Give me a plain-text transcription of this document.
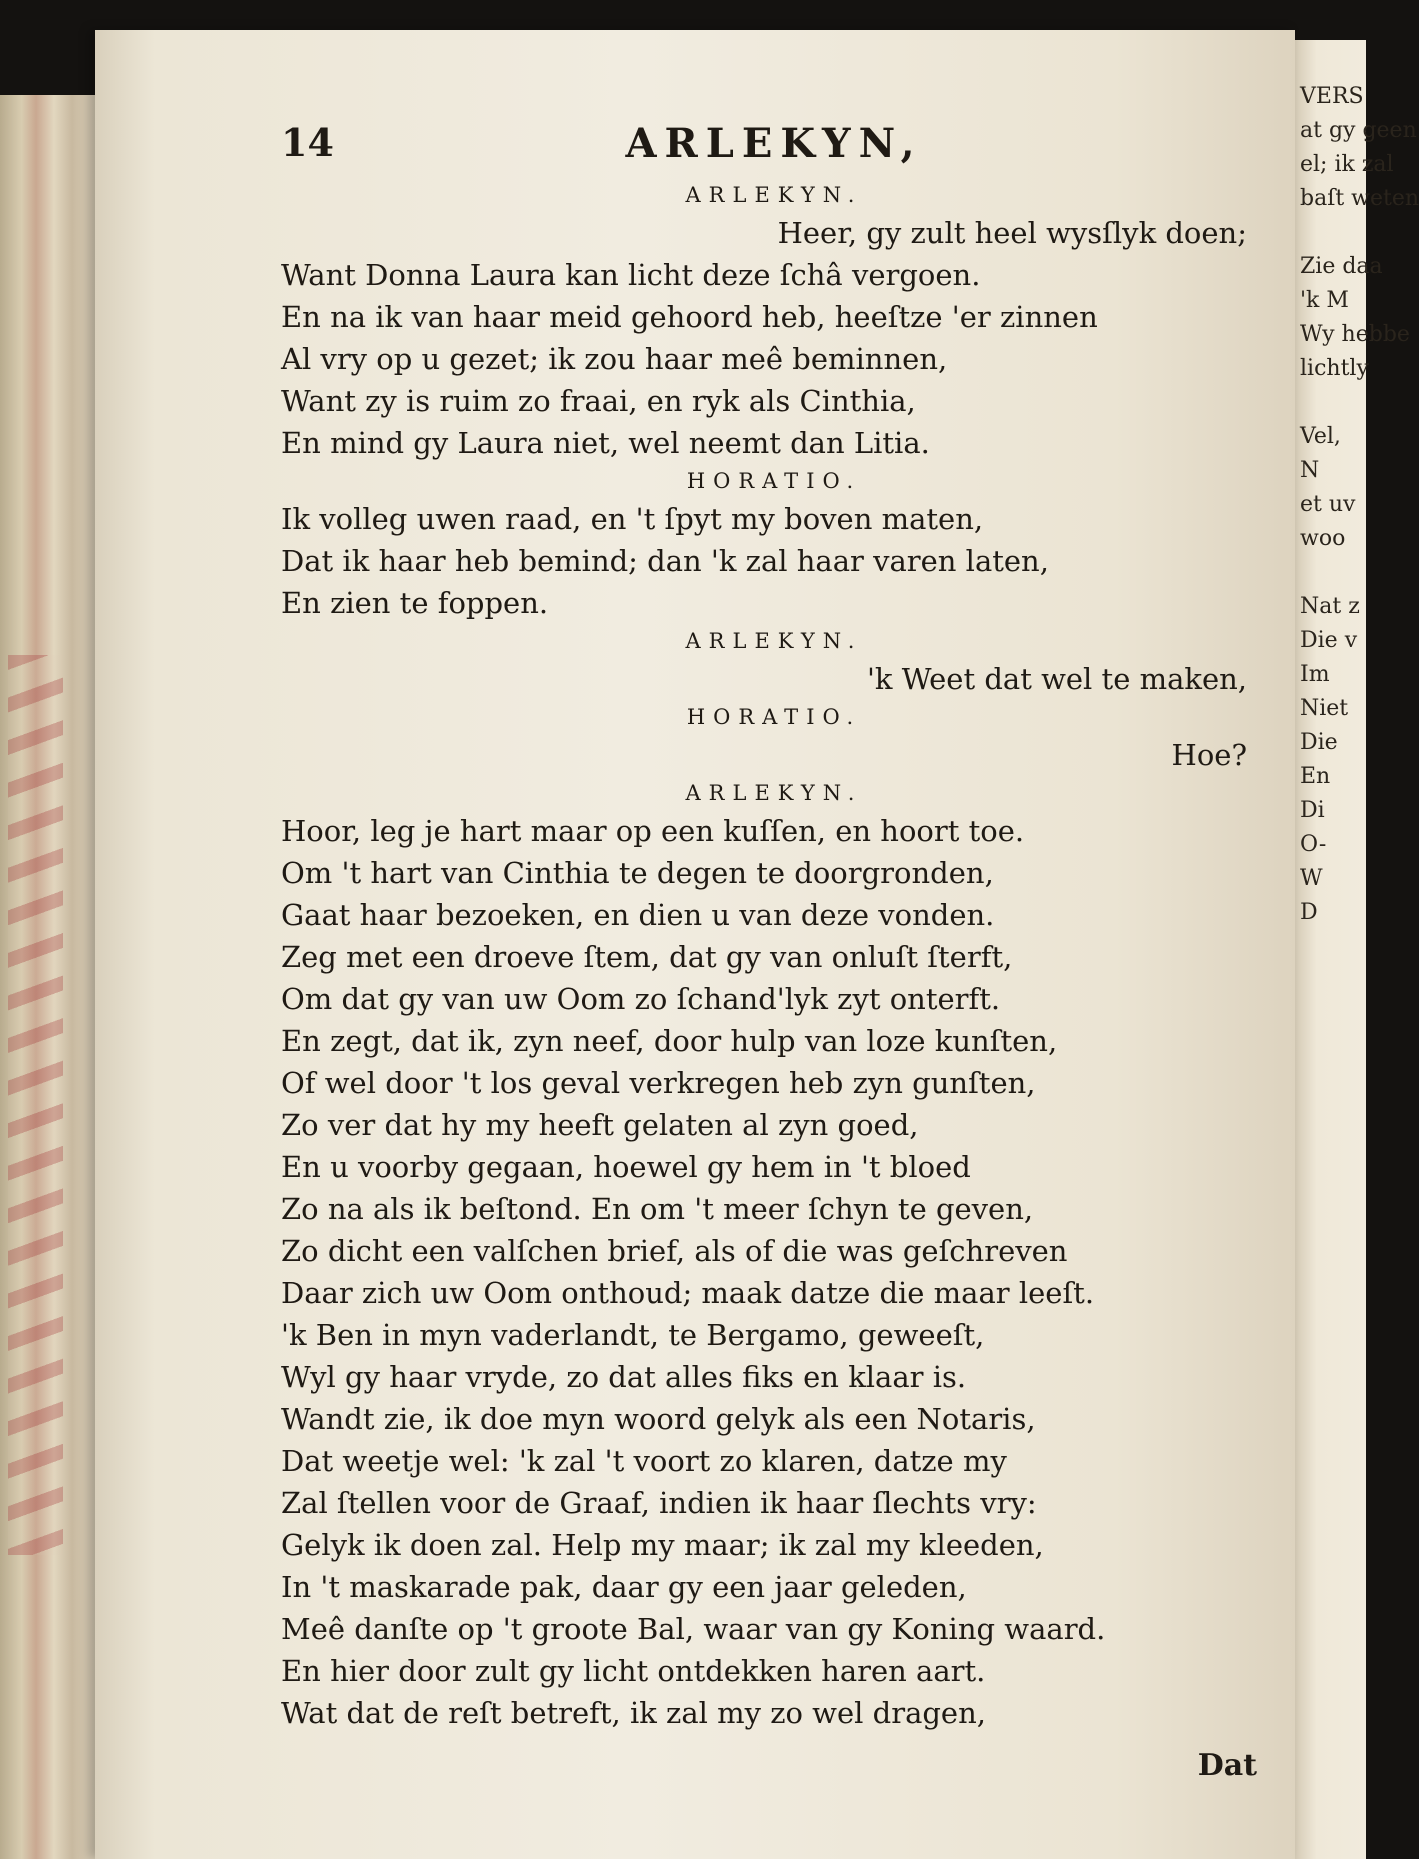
VERS
at gy geen
el; ik zal
baſt weten

Zie daa
'k M
Wy hebbe
lichtly

Vel,
N
et uv
woo

Nat z
Die v
Im
Niet
Die
En
Di
O-
W
D
14	ARLEKYN,
ARLEKYN.
Heer, gy zult heel wysſlyk doen;
Want Donna Laura kan licht deze ſchâ vergoen.
En na ik van haar meid gehoord heb, heeſtze 'er zinnen
Al vry op u gezet; ik zou haar meê beminnen,
Want zy is ruim zo fraai, en ryk als Cinthia,
En mind gy Laura niet, wel neemt dan Litia.
HORATIO.
Ik volleg uwen raad, en 't ſpyt my boven maten,
Dat ik haar heb bemind; dan 'k zal haar varen laten,
En zien te foppen.
ARLEKYN.
'k Weet dat wel te maken,
HORATIO.
Hoe?
ARLEKYN.
Hoor, leg je hart maar op een kuſſen, en hoort toe.
Om 't hart van Cinthia te degen te doorgronden,
Gaat haar bezoeken, en dien u van deze vonden.
Zeg met een droeve ſtem, dat gy van onluſt ſterft,
Om dat gy van uw Oom zo ſchand'lyk zyt onterft.
En zegt, dat ik, zyn neef, door hulp van loze kunſten,
Of wel door 't los geval verkregen heb zyn gunſten,
Zo ver dat hy my heeft gelaten al zyn goed,
En u voorby gegaan, hoewel gy hem in 't bloed
Zo na als ik beſtond. En om 't meer ſchyn te geven,
Zo dicht een valſchen brief, als of die was geſchreven
Daar zich uw Oom onthoud; maak datze die maar leeſt.
'k Ben in myn vaderlandt, te Bergamo, geweeſt,
Wyl gy haar vryde, zo dat alles fiks en klaar is.
Wandt zie, ik doe myn woord gelyk als een Notaris,
Dat weetje wel: 'k zal 't voort zo klaren, datze my
Zal ſtellen voor de Graaf, indien ik haar ſlechts vry:
Gelyk ik doen zal. Help my maar; ik zal my kleeden,
In 't maskarade pak, daar gy een jaar geleden,
Meê danſte op 't groote Bal, waar van gy Koning waard.
En hier door zult gy licht ontdekken haren aart.
Wat dat de reſt betreft, ik zal my zo wel dragen,
Dat
